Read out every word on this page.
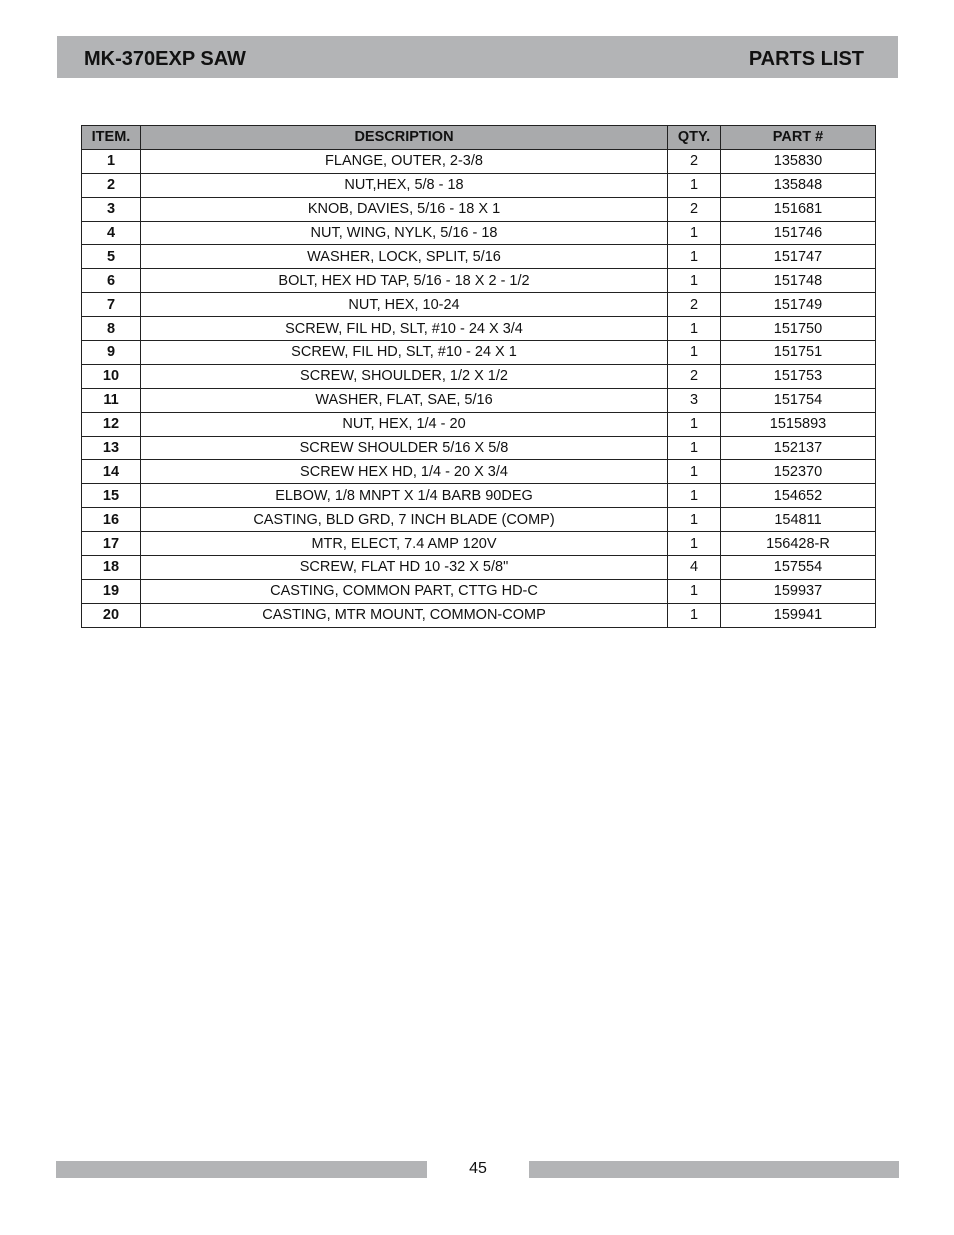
MK-370EXP SAW	PARTS LIST
ITEM.	DESCRIPTION	QTY.	PART #
1	FLANGE, OUTER, 2-3/8	2	135830
2	NUT,HEX, 5/8 - 18	1	135848
3	KNOB, DAVIES, 5/16 - 18 X 1	2	151681
4	NUT, WING, NYLK, 5/16 - 18	1	151746
5	WASHER, LOCK, SPLIT, 5/16	1	151747
6	BOLT, HEX HD TAP, 5/16 - 18 X 2 - 1/2	1	151748
7	NUT, HEX, 10-24	2	151749
8	SCREW, FIL HD, SLT, #10 - 24 X 3/4	1	151750
9	SCREW, FIL HD, SLT, #10 - 24 X 1	1	151751
10	SCREW, SHOULDER, 1/2 X 1/2	2	151753
11	WASHER, FLAT, SAE, 5/16	3	151754
12	NUT, HEX, 1/4 - 20	1	1515893
13	SCREW SHOULDER 5/16 X 5/8	1	152137
14	SCREW HEX HD, 1/4 - 20 X 3/4	1	152370
15	ELBOW, 1/8 MNPT X 1/4 BARB 90DEG	1	154652
16	CASTING, BLD GRD, 7 INCH BLADE (COMP)	1	154811
17	MTR, ELECT, 7.4 AMP 120V	1	156428-R
18	SCREW, FLAT HD 10 -32 X 5/8"	4	157554
19	CASTING, COMMON PART, CTTG HD-C	1	159937
20	CASTING, MTR MOUNT, COMMON-COMP	1	159941
45
